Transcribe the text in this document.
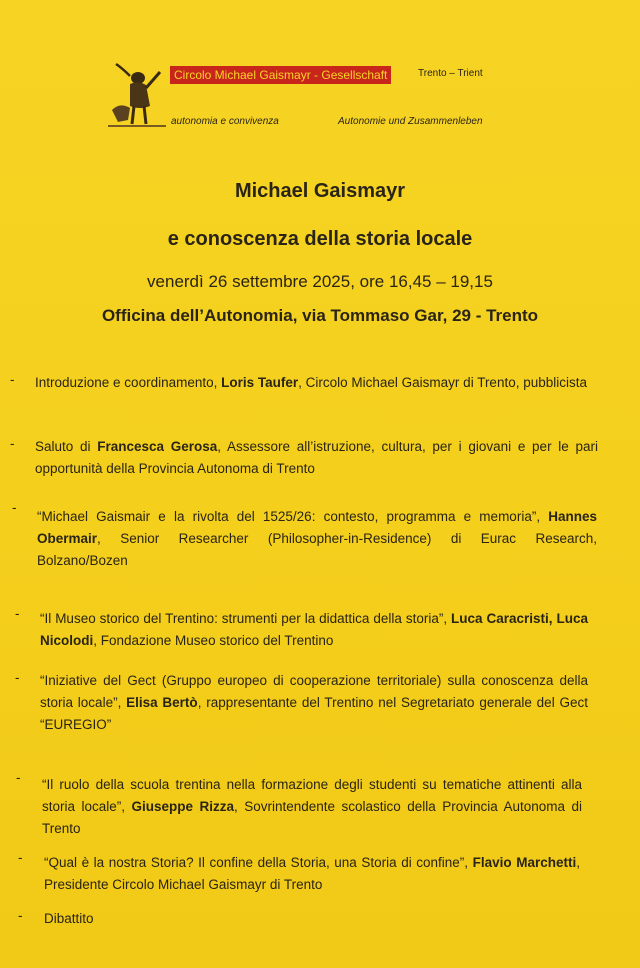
Circolo Michael Gaismayr - Gesellschaft	Trento – Trient
autonomia e convivenza	Autonomie und Zusammenleben
Michael Gaismayr
e conoscenza della storia locale
venerdì 26 settembre 2025, ore 16,45 – 19,15
Officina dell’Autonomia, via Tommaso Gar, 29 - Trento
- Introduzione e coordinamento, Loris Taufer, Circolo Michael Gaismayr di Trento, pubblicista
- Saluto di Francesca Gerosa, Assessore all’istruzione, cultura, per i giovani e per le pari opportunità della Provincia Autonoma di Trento
-
“Michael Gaismair e la rivolta del 1525/26: contesto, programma e memoria”, Hannes Obermair, Senior Researcher (Philosopher-in-Residence) di Eurac Research, Bolzano/Bozen
- “Il Museo storico del Trentino: strumenti per la didattica della storia”, Luca Caracristi, Luca Nicolodi, Fondazione Museo storico del Trentino
- “Iniziative del Gect (Gruppo europeo di cooperazione territoriale) sulla conoscenza della storia locale”, Elisa Bertò, rappresentante del Trentino nel Segretariato generale del Gect “EUREGIO”
- “Il ruolo della scuola trentina nella formazione degli studenti su tematiche attinenti alla storia locale”, Giuseppe Rizza, Sovrintendente scolastico della Provincia Autonoma di Trento
- “Qual è la nostra Storia? Il confine della Storia, una Storia di confine”, Flavio Marchetti, Presidente Circolo Michael Gaismayr di Trento
- Dibattito
